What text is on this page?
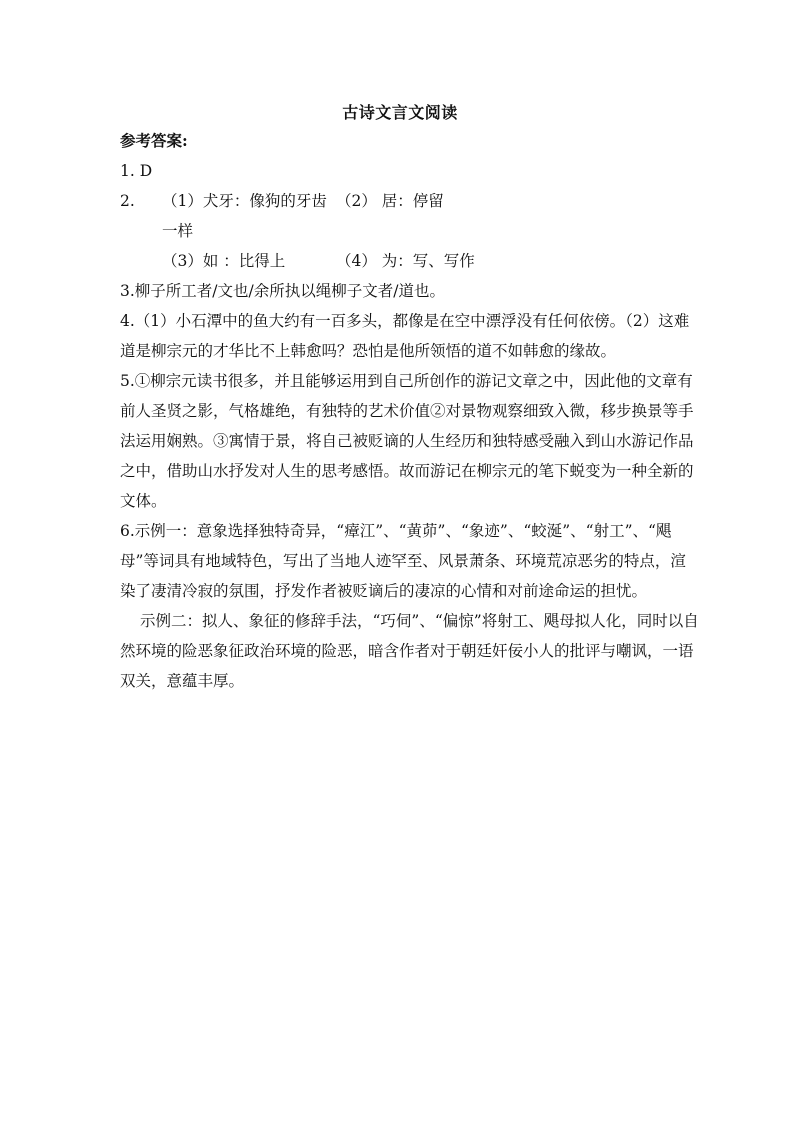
古诗文言文阅读

参考答案:

1. D

2.	（1）犬牙：像狗的牙齿一样
（2） 居：停留
（3）如 ：比得上	（4） 为：写、写作

3.柳子所工者/文也/余所执以绳柳子文者/道也。

4.（1）小石潭中的鱼大约有一百多头，都像是在空中漂浮没有任何依傍。（2）这难道是柳宗元的才华比不上韩愈吗？恐怕是他所领悟的道不如韩愈的缘故。

5.①柳宗元读书很多，并且能够运用到自己所创作的游记文章之中，因此他的文章有前人圣贤之影，气格雄绝，有独特的艺术价值②对景物观察细致入微，移步换景等手法运用娴熟。③寓情于景，将自己被贬谪的人生经历和独特感受融入到山水游记作品之中，借助山水抒发对人生的思考感悟。故而游记在柳宗元的笔下蜕变为一种全新的文体。

6.示例一：意象选择独特奇异，“瘴江”、“黄茆”、“象迹”、“蛟涎”、“射工”、“飓母”等词具有地域特色，写出了当地人迹罕至、风景萧条、环境荒凉恶劣的特点，渲染了凄清冷寂的氛围，抒发作者被贬谪后的凄凉的心情和对前途命运的担忧。

示例二：拟人、象征的修辞手法，“巧伺”、“偏惊”将射工、飓母拟人化，同时以自然环境的险恶象征政治环境的险恶，暗含作者对于朝廷奸佞小人的批评与嘲讽，一语双关，意蕴丰厚。
